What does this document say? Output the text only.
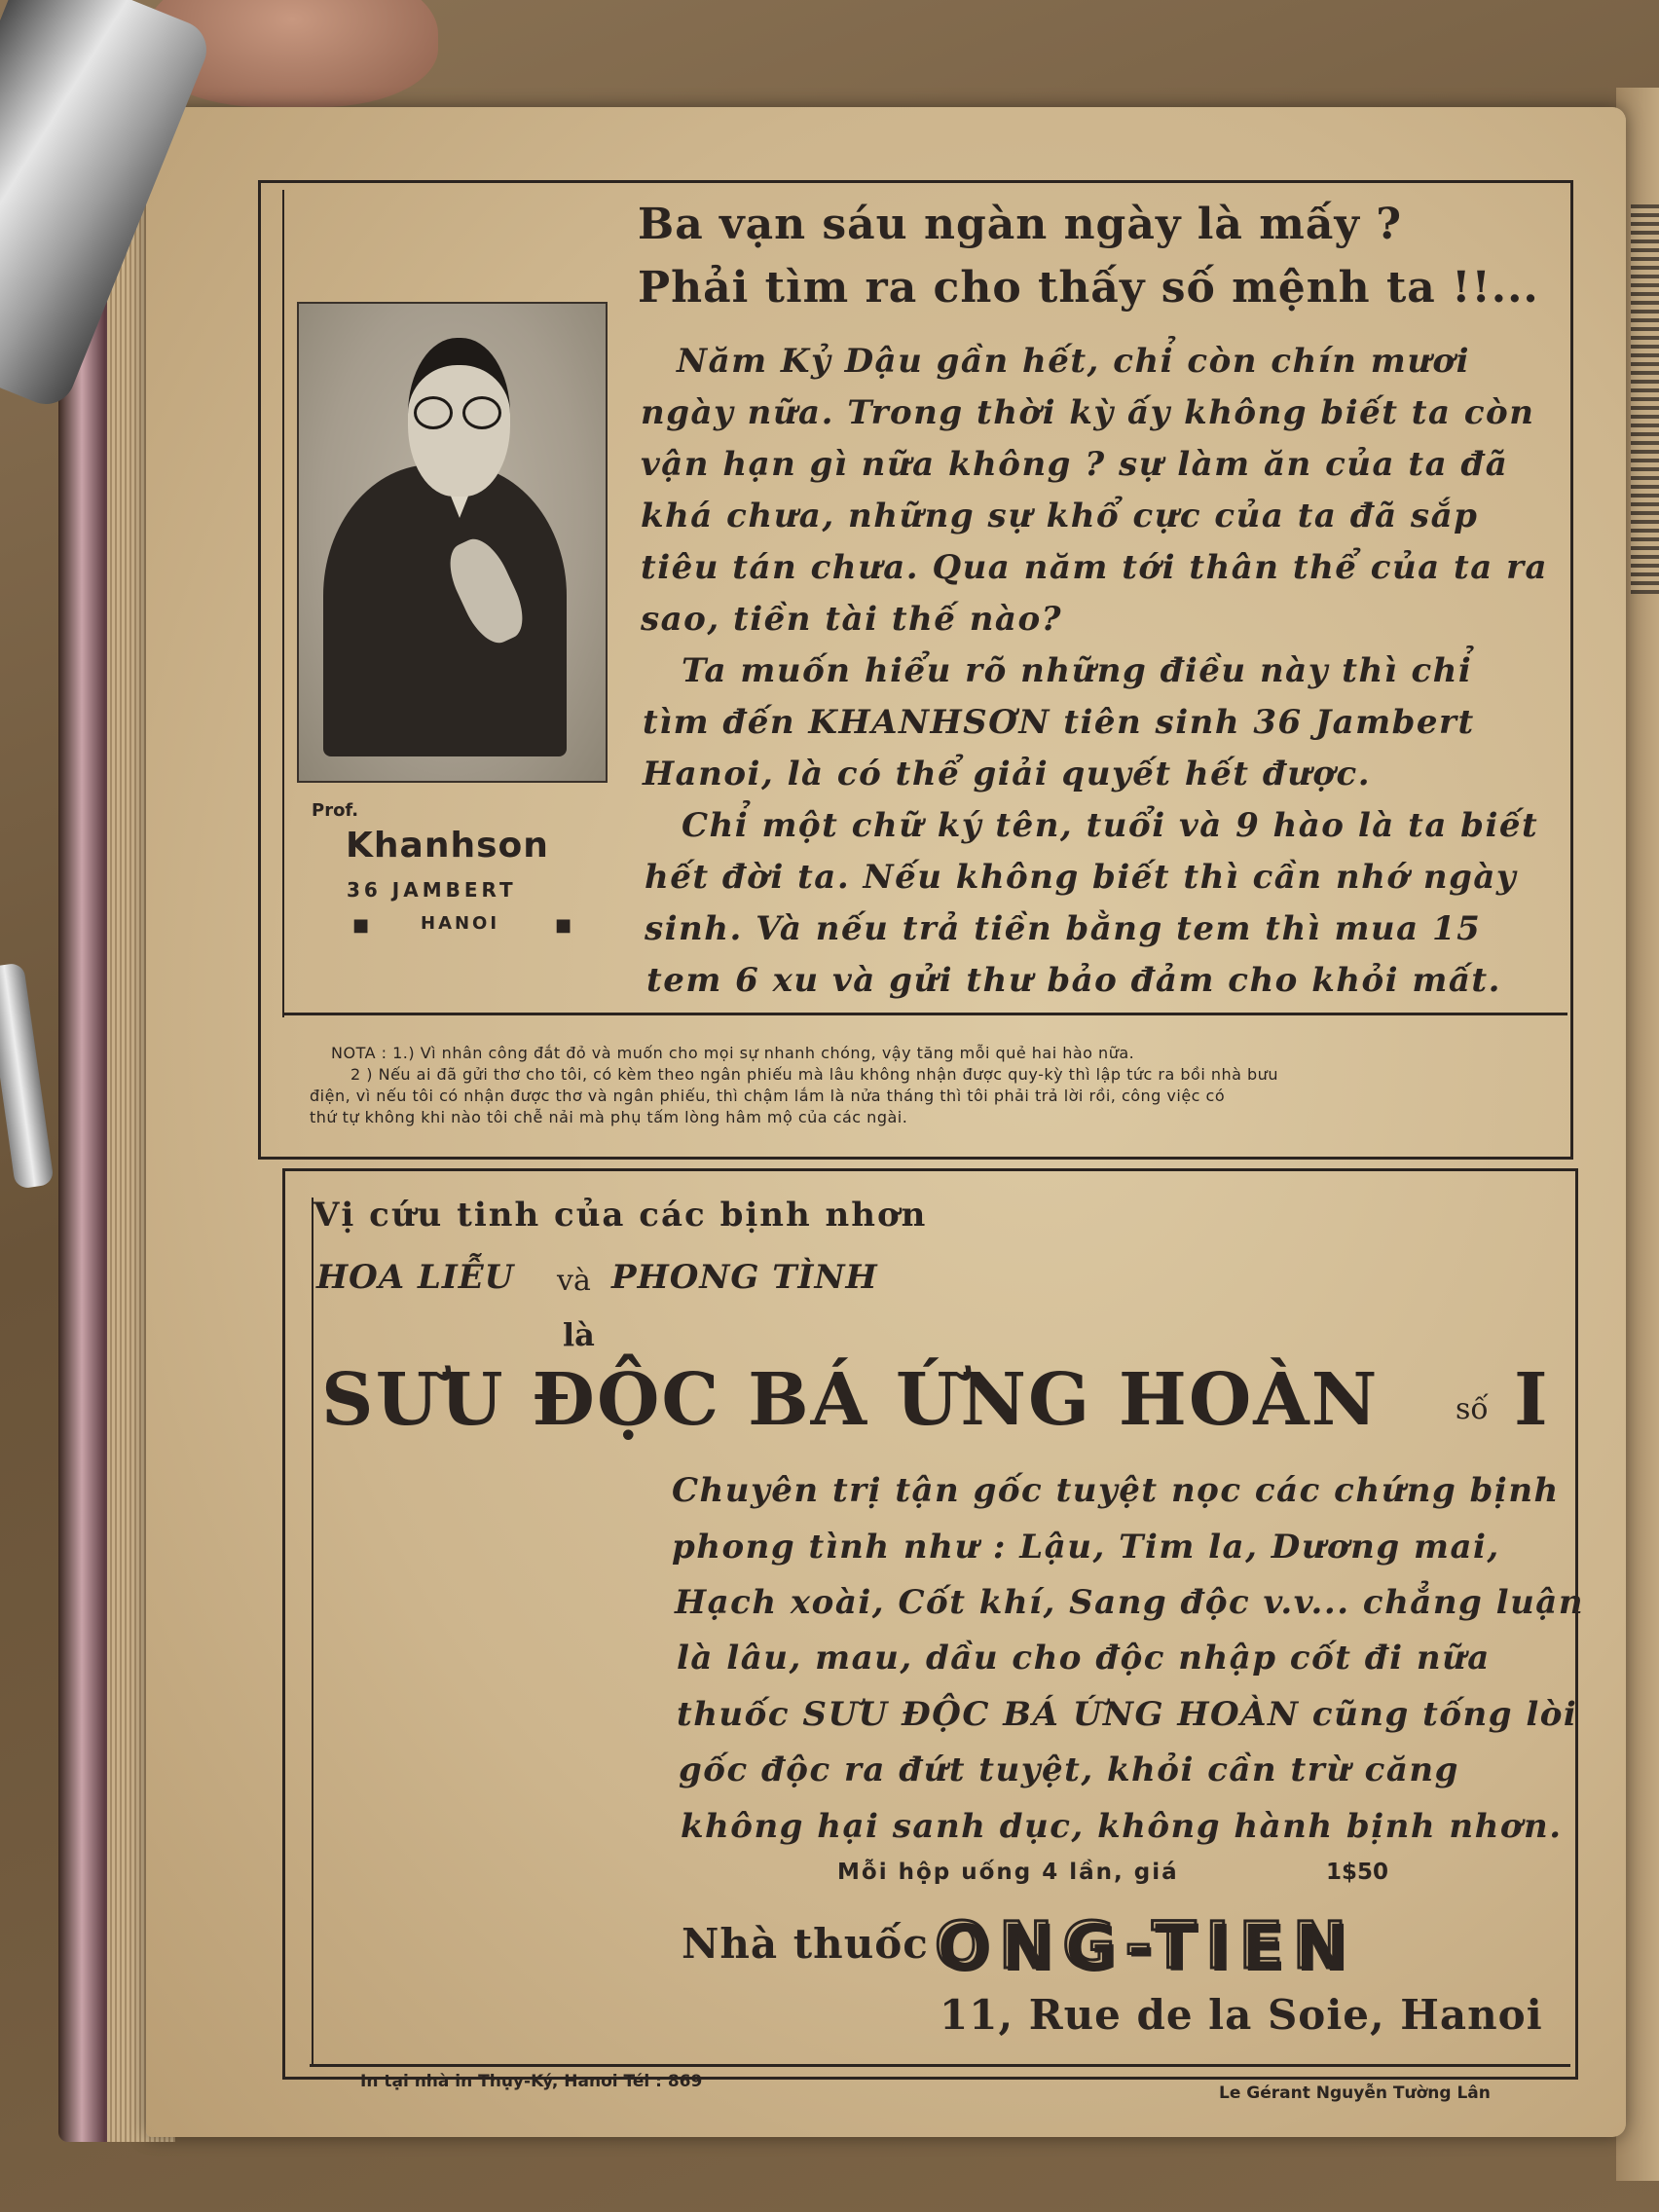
Prof.
Khanhson
36 JAMBERT
■	HANOI	■
Ba vạn sáu ngàn ngày là mấy ?
Phải tìm ra cho thấy số mệnh ta !!...
Năm Kỷ Dậu gần hết, chỉ còn chín mươi
ngày nữa. Trong thời kỳ ấy không biết ta còn
vận hạn gì nữa không ? sự làm ăn của ta đã
khá chưa, những sự khổ cực của ta đã sắp
tiêu tán chưa. Qua năm tới thân thể của ta ra
sao, tiền tài thế nào?
Ta muốn hiểu rõ những điều này thì chỉ
tìm đến KHANHSƠN tiên sinh 36 Jambert
Hanoi, là có thể giải quyết hết được.
Chỉ một chữ ký tên, tuổi và 9 hào là ta biết
hết đời ta. Nếu không biết thì cần nhớ ngày
sinh. Và nếu trả tiền bằng tem thì mua 15
tem 6 xu và gửi thư bảo đảm cho khỏi mất.
NOTA : 1.) Vì nhân công đắt đỏ và muốn cho mọi sự nhanh chóng, vậy tăng mỗi quẻ hai hào nữa.
2 ) Nếu ai đã gửi thơ cho tôi, có kèm theo ngân phiếu mà lâu không nhận được quy-kỳ thì lập tức ra bồi nhà bưu
điện, vì nếu tôi có nhận được thơ và ngân phiếu, thì chậm lắm là nửa tháng thì tôi phải trả lời rồi, công việc có
thứ tự không khi nào tôi chễ nải mà phụ tấm lòng hâm mộ của các ngài.
Vị cứu tinh của các bịnh nhơn
HOA LIỄU và PHONG TÌNH
là
SƯU ĐỘC BÁ ỨNG HOÀN	số I
Chuyên trị tận gốc tuyệt nọc các chứng bịnh
phong tình như : Lậu, Tim la, Dương mai,
Hạch xoài, Cốt khí, Sang độc v.v... chẳng luận
là lâu, mau, dầu cho độc nhập cốt đi nữa
thuốc SƯU ĐỘC BÁ ỨNG HOÀN cũng tống lòi
gốc độc ra đứt tuyệt, khỏi cần trừ căng
không hại sanh dục, không hành bịnh nhơn.
Mỗi hộp uống 4 lần, giá	1$50
Nhà thuốc ONG-TIEN
11, Rue de la Soie, Hanoi
In tại nhà in Thụy-Ký, Hanoi Tél : 869
Le Gérant Nguyễn Tường Lân
